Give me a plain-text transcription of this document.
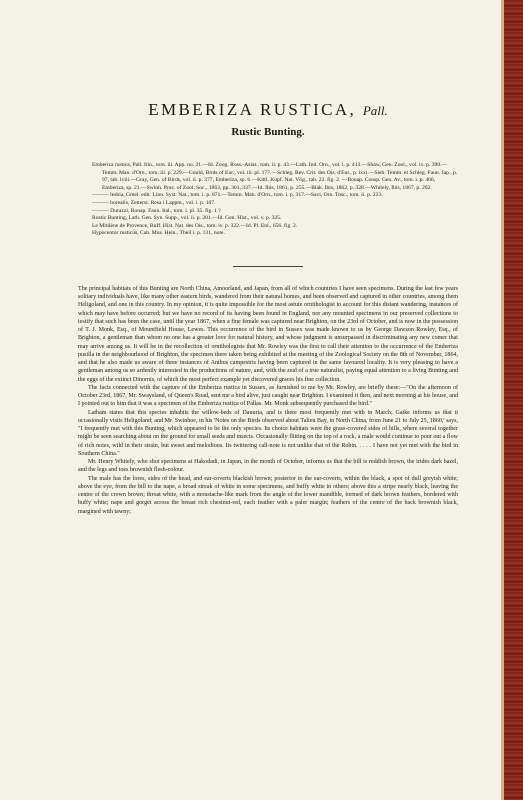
EMBERIZA RUSTICA, Pall.
Rustic Bunting.
Emberiza rustica, Pall. Itin., tom. iii. App. no. 21.—Id. Zoog. Ross.-Asiat., tom. ii. p. 43.—Lath. Ind. Orn., vol. i. p. 413.—Shaw, Gen. Zool., vol. ix. p. 390.—Temm. Man. d'Orn., tom. iii. p. 229.—Gould, Birds of Eur., vol. iii. pl. 177.—Schleg. Rev. Crit. des Ois. d'Eur., p. lxxi.—Sieb. Temm. et Schleg. Faun. Jap., p. 97, tab. lviii.—Gray, Gen. of Birds, vol. ii. p. 377, Emberiza, sp. 6.—Kittl. Kupf. Nat. Vög., tab. 22. fig. 2. —Bonap. Consp. Gen. Av., tom. i. p. 466, Emberiza, sp. 21.—Swinh. Proc. of Zool. Soc., 1863, pp. 301, 337.—Id. Ibis, 1861, p. 255.—Blak. Ibis, 1862, p. 328.—Whitely, Ibis, 1867, p. 202.
——— lesbia, Gmel. edit. Linn. Syst. Nat., tom. i. p. 871.—Temm. Man. d'Orn., tom. i. p. 317.—Savi, Orn. Tosc., tom. ii. p. 223.
——— borealis, Zetterst. Resa i Lappm., vol. i. p. 107.
——— Durazzi, Bonap. Faun. Ital., tom. i. pl. 35. fig. 1 ?
Rustic Bunting, Lath. Gen. Syn. Supp., vol. ii. p. 201.—Id. Gen. Hist., vol. v. p. 325.
Le Mitilène de Provence, Buff. Hist. Nat. des Ois., tom. iv. p. 322.—Id. Pl. Enl., 656. fig. 2.
Hypocentor rusticus, Cab. Mus. Hein., Theil i. p. 131, note.

The principal habitats of this Bunting are North China, Amoorland, and Japan, from all of which countries I have seen specimens. During the last few years solitary individuals have, like many other eastern birds, wandered from their natural homes, and been observed and captured in other countries, among them Heligoland, and one in this country. In my opinion, it is quite impossible for the most astute ornithologist to account for this distant wandering, instances of which may have before occurred; but we have no record of its having been found in England, nor any mounted specimens in our preserved collections to testify that such has been the case, until the year 1867, when a fine female was captured near Brighton, on the 23rd of October, and is now in the possession of T. J. Monk, Esq., of Mountfield House, Lewes. This occurrence of the bird in Sussex was made known to us by George Dawson Rowley, Esq., of Brighton, a gentleman than whom no one has a greater love for natural history, and whose judgment is unsurpassed in discriminating any new comer that may arrive among us. It will be in the recollection of ornithologists that Mr. Rowley was the first to call their attention to the occurrence of the Emberiza pusilla in the neighbourhood of Brighton, the specimen there taken being exhibited at the meeting of the Zoological Society on the 8th of November, 1864, and that he also made us aware of three instances of Anthus campestris having been captured in the same favoured locality. It is very pleasing to have a gentleman among us so ardently interested in the productions of nature, and, with the zeal of a true naturalist, paying equal attention to a living Bunting and the eggs of the extinct Dinornis, of which the most perfect example yet discovered graces his fine collection.

The facts connected with the capture of the Emberiza rustica in Sussex, as furnished to me by Mr. Rowley, are briefly these:—"On the afternoon of October 23rd, 1867, Mr. Swaysland, of Queen's Road, sent me a bird alive, just caught near Brighton. I examined it then, and next morning at his house, and I pointed out to him that it was a specimen of the Emberiza rustica of Pallas. Mr. Monk subsequently purchased the bird."

Latham states that this species inhabits the willow-beds of Dauuria, and is there most frequently met with in March; Gatke informs us that it occasionally visits Heligoland; and Mr. Swinhoe, in his 'Notes on the Birds observed about Talien Bay, in North China, from June 21 to July 25, 1860,' says, "I frequently met with this Bunting, which appeared to be the only species. Its choice habitats were the grass-covered sides of hills, where several together might be seen searching about on the ground for small seeds and insects. Occasionally flitting on the top of a rock, a male would continue to pour out a flow of rich notes, wild in their strain, but sweet and melodious. Its twittering call-note is not unlike that of the Robin. . . . . I have not yet met with the bird in Southern China."

Mr. Henry Whitely, who shot specimens at Hakodadi, in Japan, in the month of October, informs us that the bill is reddish brown, the irides dark hazel, and the legs and toes brownish flesh-colour.

The male has the lores, sides of the head, and ear-coverts blackish brown; posterior to the ear-coverts, within the black, a spot of dull greyish white; above the eye, from the bill to the nape, a broad streak of white in some specimens, and buffy white in others; above this a stripe nearly black, leaving the centre of the crown brown; throat white, with a moustache-like mark from the angle of the lower mandible, formed of dark brown feathers, bordered with buffy white; nape and gorget across the breast rich chestnut-red, each feather with a paler margin; feathers of the centre of the back brownish black, margined with tawny;
